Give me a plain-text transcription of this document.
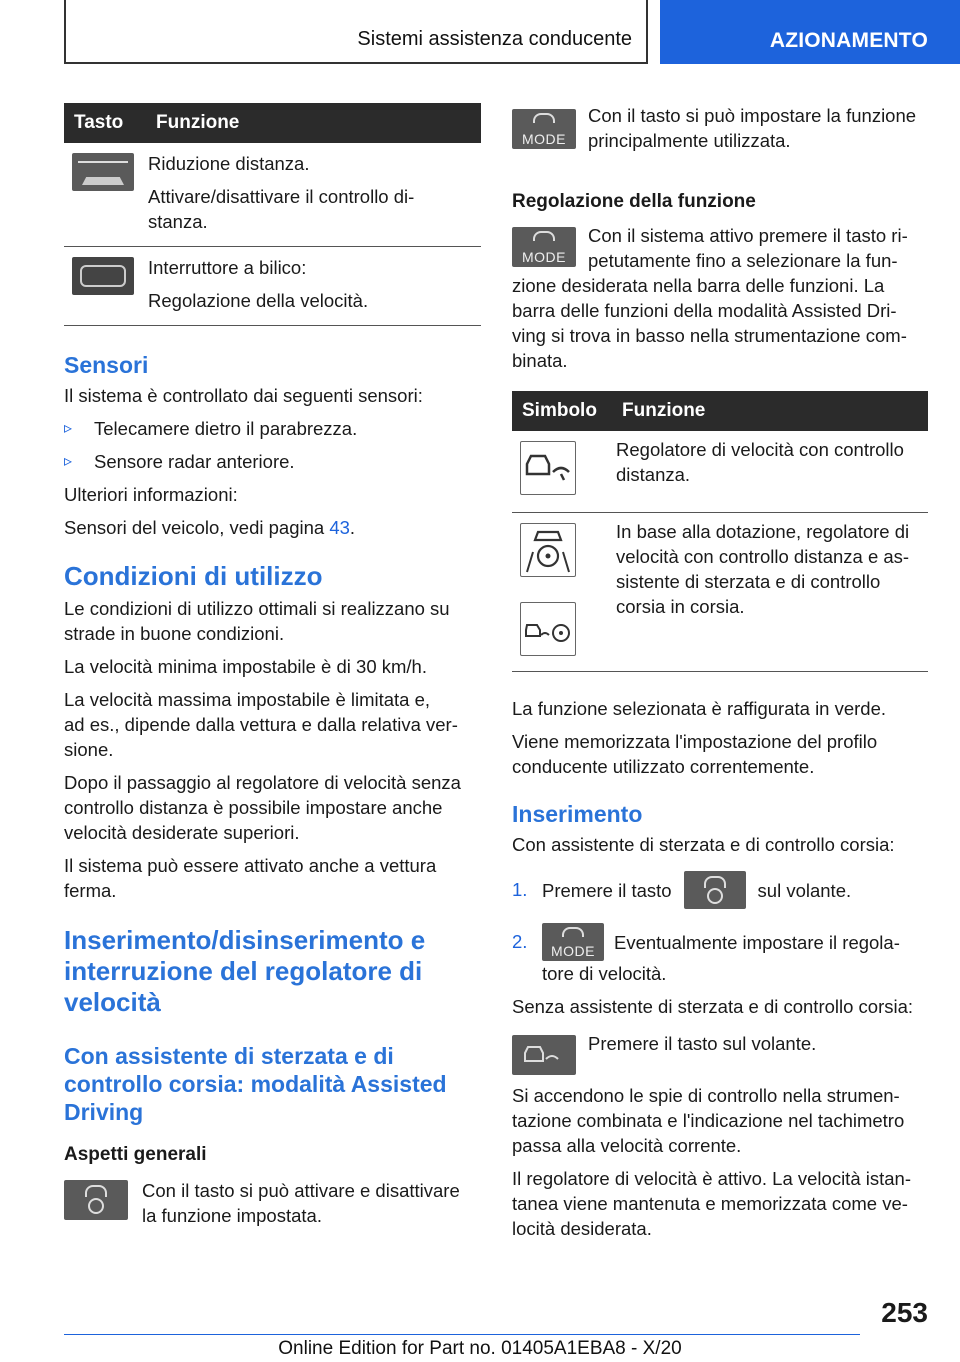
Sistemi assistenza conducente	AZIONAMENTO
Tasto	Funzione

	Riduzione distanza.

Attivare/disattivare il controllo di-

stanza.

	Interruttore a bilico:

Regolazione della velocità.

Sensori

Il sistema è controllato dai seguenti sensori:

▹	Telecamere dietro il parabrezza.

▹	Sensore radar anteriore.

Ulteriori informazioni:

Sensori del veicolo, vedi pagina 43.

Condizioni di utilizzo

Le condizioni di utilizzo ottimali si realizzano su

strade in buone condizioni.

La velocità minima impostabile è di 30 km/h.

La velocità massima impostabile è limitata e,

ad es., dipende dalla vettura e dalla relativa ver-

sione.

Dopo il passaggio al regolatore di velocità senza

controllo distanza è possibile impostare anche

velocità desiderate superiori.

Il sistema può essere attivato anche a vettura

ferma.

Inserimento/disinserimento e
interruzione del regolatore di
velocità
Con assistente di sterzata e di
controllo corsia: modalità Assisted
Driving
Aspetti generali

Con il tasto si può attivare e disattivare

la funzione impostata.

MODE

Con il tasto si può impostare la funzione

principalmente utilizzata.

Regolazione della funzione
MODE

Con il sistema attivo premere il tasto ri-

petutamente fino a selezionare la fun-

zione desiderata nella barra delle funzioni. La

barra delle funzioni della modalità Assisted Dri-

ving si trova in basso nella strumentazione com-

binata.

Simbolo	Funzione

Regolatore di velocità con controllo

distanza.

In base alla dotazione, regolatore di

velocità con controllo distanza e as-

sistente di sterzata e di controllo

corsia in corsia.

La funzione selezionata è raffigurata in verde.

Viene memorizzata l'impostazione del profilo

conducente utilizzato correntemente.

Inserimento

Con assistente di sterzata e di controllo corsia:

1. Premere il tasto	sul volante.

2.	MODE	Eventualmente impostare il regola-

tore di velocità.

Senza assistente di sterzata e di controllo corsia:

Premere il tasto sul volante.

Si accendono le spie di controllo nella strumen-

tazione combinata e l'indicazione nel tachimetro

passa alla velocità corrente.

Il regolatore di velocità è attivo. La velocità istan-

tanea viene mantenuta e memorizzata come ve-

locità desiderata.

253
Online Edition for Part no. 01405A1EBA8 - X/20
